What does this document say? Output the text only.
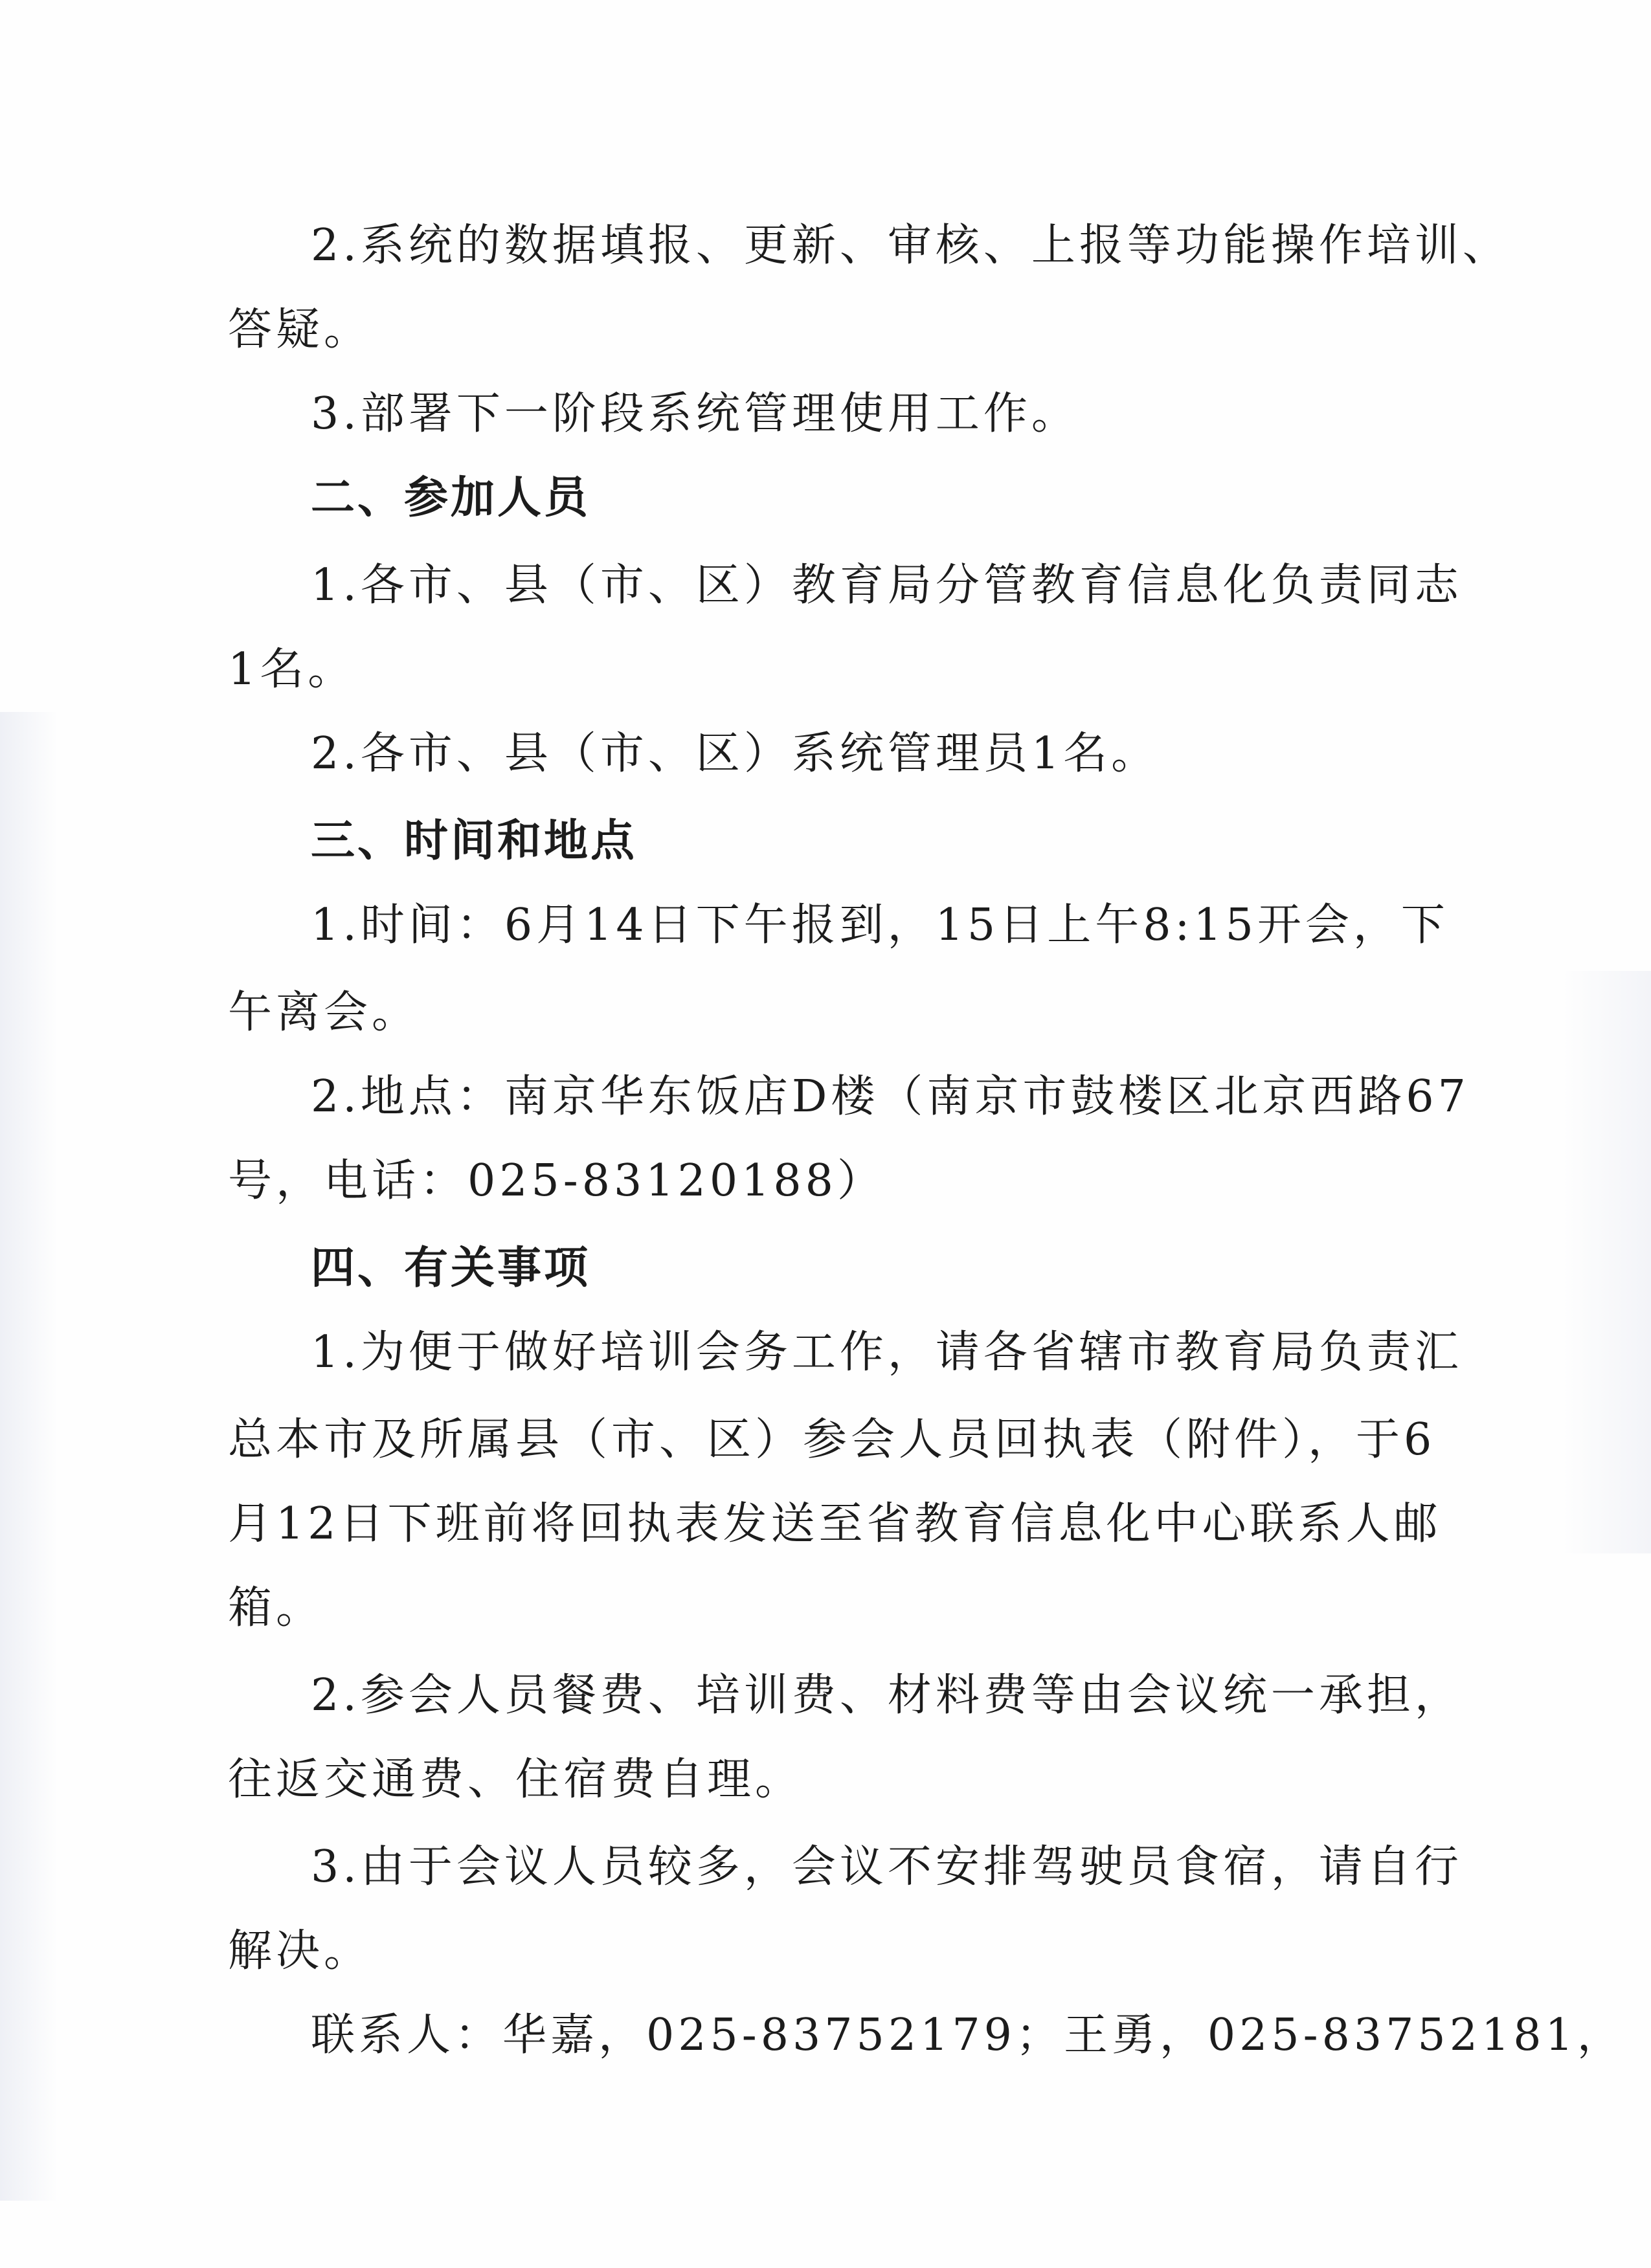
2.系统的数据填报、更新、审核、上报等功能操作培训、
答疑。
3.部署下一阶段系统管理使用工作。
二、参加人员
1.各市、县（市、区）教育局分管教育信息化负责同志
1名。
2.各市、县（市、区）系统管理员1名。
三、时间和地点
1.时间：6月14日下午报到，15日上午8:15开会，下
午离会。
2.地点：南京华东饭店D楼（南京市鼓楼区北京西路67
号，电话：025-83120188）
四、有关事项
1.为便于做好培训会务工作，请各省辖市教育局负责汇
总本市及所属县（市、区）参会人员回执表（附件），于6
月12日下班前将回执表发送至省教育信息化中心联系人邮
箱。
2.参会人员餐费、培训费、材料费等由会议统一承担，
往返交通费、住宿费自理。
3.由于会议人员较多，会议不安排驾驶员食宿，请自行
解决。
联系人：华嘉，025-83752179；王勇，025-83752181，
